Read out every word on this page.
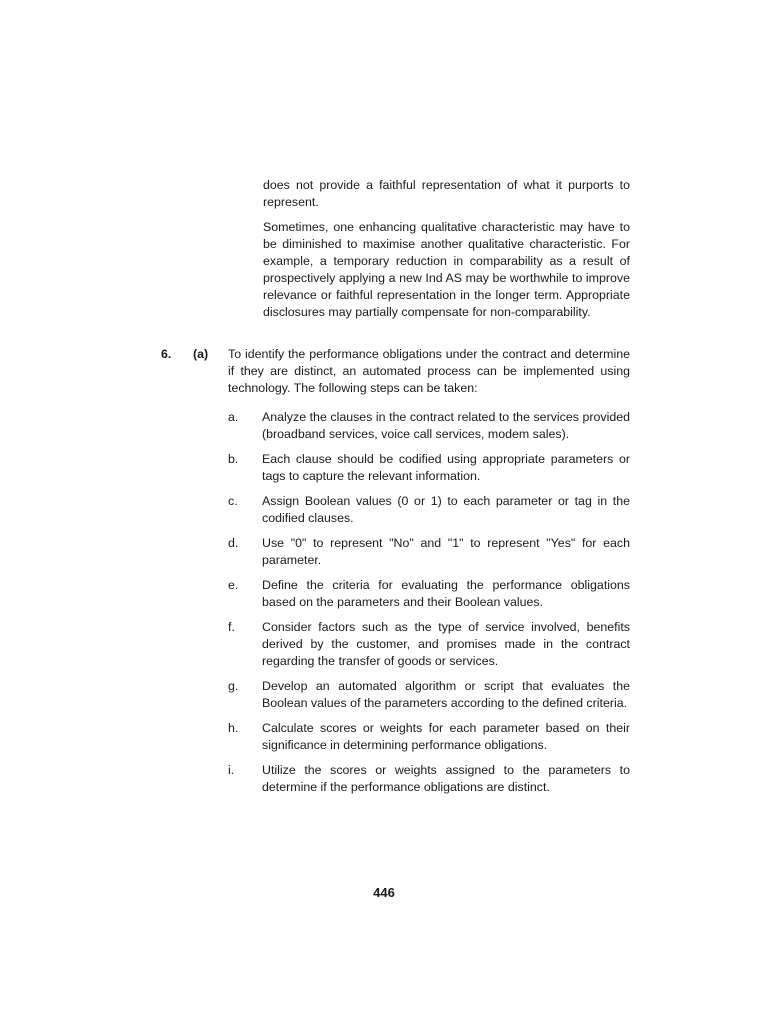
does not provide a faithful representation of what it purports to represent.

Sometimes, one enhancing qualitative characteristic may have to be diminished to maximise another qualitative characteristic. For example, a temporary reduction in comparability as a result of prospectively applying a new Ind AS may be worthwhile to improve relevance or faithful representation in the longer term. Appropriate disclosures may partially compensate for non-comparability.

6. (a) To identify the performance obligations under the contract and determine if they are distinct, an automated process can be implemented using technology. The following steps can be taken:

a. Analyze the clauses in the contract related to the services provided (broadband services, voice call services, modem sales).
b. Each clause should be codified using appropriate parameters or tags to capture the relevant information.
c. Assign Boolean values (0 or 1) to each parameter or tag in the codified clauses.
d. Use "0" to represent "No" and "1" to represent "Yes" for each parameter.
e. Define the criteria for evaluating the performance obligations based on the parameters and their Boolean values.
f. Consider factors such as the type of service involved, benefits derived by the customer, and promises made in the contract regarding the transfer of goods or services.
g. Develop an automated algorithm or script that evaluates the Boolean values of the parameters according to the defined criteria.
h. Calculate scores or weights for each parameter based on their significance in determining performance obligations.
i. Utilize the scores or weights assigned to the parameters to determine if the performance obligations are distinct.
446
